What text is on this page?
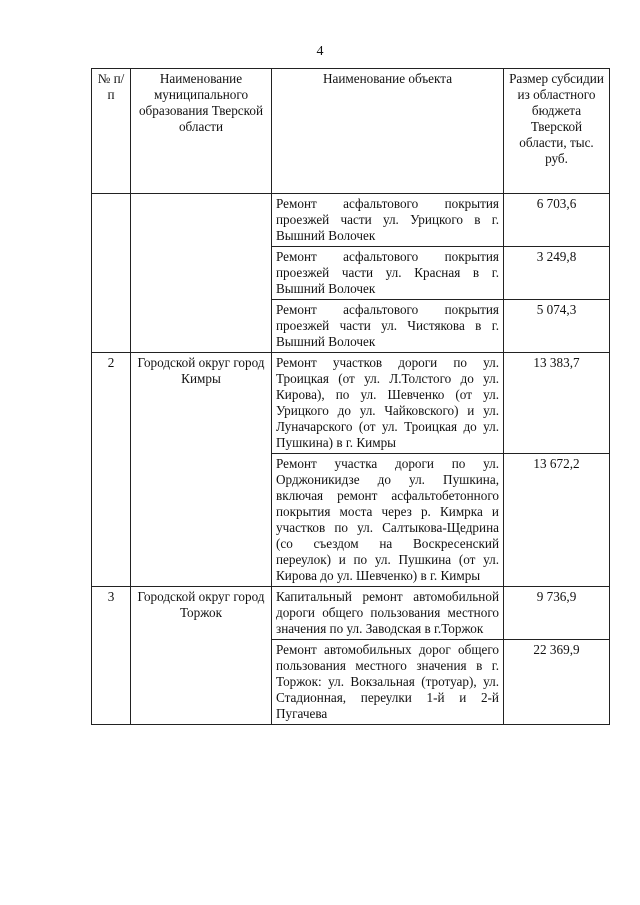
4
№ п/п	Наименование муниципального образования Тверской области	Наименование объекта	Размер субсидии из областного бюджета Тверской области, тыс. руб.

		Ремонт асфальтового покрытия проезжей части ул. Урицкого в г. Вышний Волочек	6 703,6
		Ремонт асфальтового покрытия проезжей части ул. Красная в г. Вышний Волочек	3 249,8
		Ремонт асфальтового покрытия проезжей части ул. Чистякова в г. Вышний Волочек	5 074,3
2	Городской округ город Кимры	Ремонт участков дороги по ул. Троицкая (от ул. Л.Толстого до ул. Кирова), по ул. Шевченко (от ул. Урицкого до ул. Чайковского) и ул. Луначарского (от ул. Троицкая до ул. Пушкина) в г. Кимры	13 383,7
		Ремонт участка дороги по ул. Орджоникидзе до ул. Пушкина, включая ремонт асфальтобетонного покрытия моста через р. Кимрка и участков по ул. Салтыкова-Щедрина (со съездом на Воскресенский переулок) и по ул. Пушкина (от ул. Кирова до ул. Шевченко) в г. Кимры	13 672,2
3	Городской округ город Торжок	Капитальный ремонт автомобильной дороги общего пользования местного значения по ул. Заводская в г.Торжок	9 736,9
		Ремонт автомобильных дорог общего пользования местного значения в г. Торжок: ул. Вокзальная (тротуар), ул. Стадионная, переулки 1-й и 2-й Пугачева	22 369,9
